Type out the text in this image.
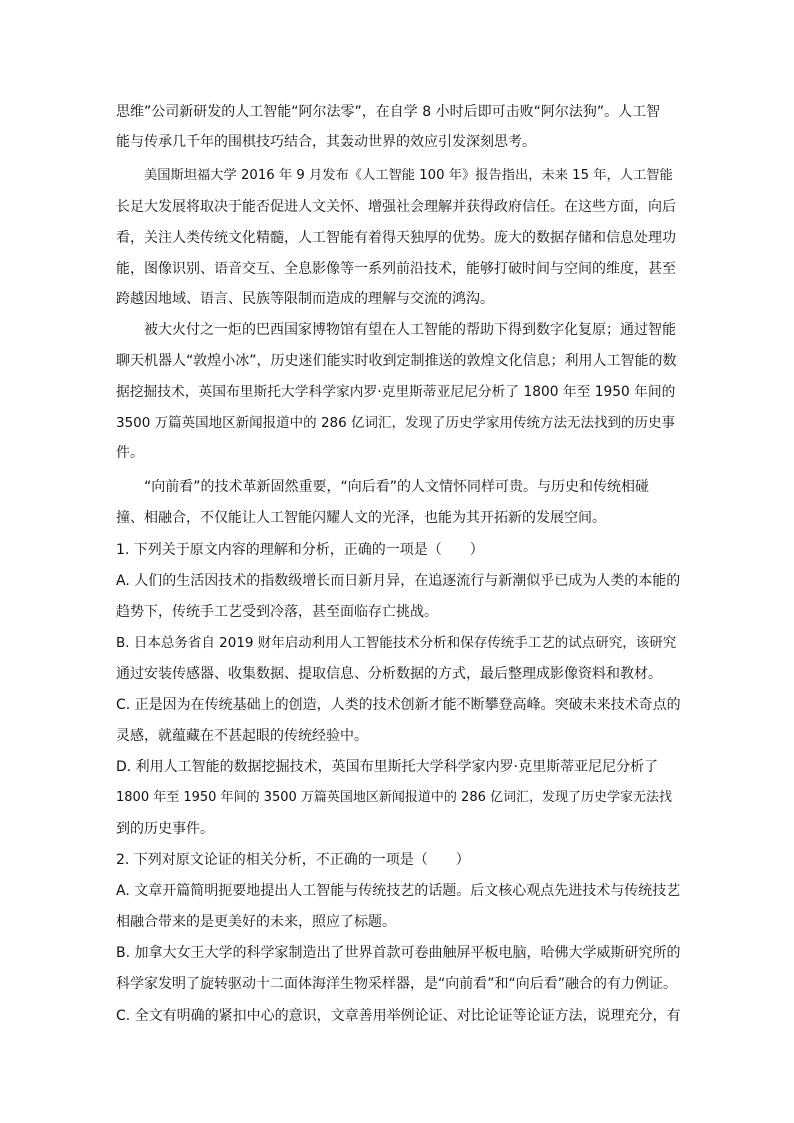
思维”公司新研发的人工智能“阿尔法零”，在自学 8 小时后即可击败“阿尔法狗”。人工智
能与传承几千年的围棋技巧结合，其轰动世界的效应引发深刻思考。
美国斯坦福大学 2016 年 9 月发布《人工智能 100 年》报告指出，未来 15 年，人工智能
长足大发展将取决于能否促进人文关怀、增强社会理解并获得政府信任。在这些方面，向后
看，关注人类传统文化精髓，人工智能有着得天独厚的优势。庞大的数据存储和信息处理功
能，图像识别、语音交互、全息影像等一系列前沿技术，能够打破时间与空间的维度，甚至
跨越因地域、语言、民族等限制而造成的理解与交流的鸿沟。
被大火付之一炬的巴西国家博物馆有望在人工智能的帮助下得到数字化复原；通过智能
聊天机器人“敦煌小冰”，历史迷们能实时收到定制推送的敦煌文化信息；利用人工智能的数
据挖掘技术，英国布里斯托大学科学家内罗·克里斯蒂亚尼尼分析了 1800 年至 1950 年间的
3500 万篇英国地区新闻报道中的 286 亿词汇，发现了历史学家用传统方法无法找到的历史事
件。
“向前看”的技术革新固然重要，“向后看”的人文情怀同样可贵。与历史和传统相碰
撞、相融合，不仅能让人工智能闪耀人文的光泽，也能为其开拓新的发展空间。
1. 下列关于原文内容的理解和分析，正确的一项是（　　）
A. 人们的生活因技术的指数级增长而日新月异，在追逐流行与新潮似乎已成为人类的本能的
趋势下，传统手工艺受到冷落，甚至面临存亡挑战。
B. 日本总务省自 2019 财年启动利用人工智能技术分析和保存传统手工艺的试点研究，该研究
通过安装传感器、收集数据、提取信息、分析数据的方式，最后整理成影像资料和教材。
C. 正是因为在传统基础上的创造，人类的技术创新才能不断攀登高峰。突破未来技术奇点的
灵感，就蕴藏在不甚起眼的传统经验中。
D. 利用人工智能的数据挖掘技术，英国布里斯托大学科学家内罗·克里斯蒂亚尼尼分析了
1800 年至 1950 年间的 3500 万篇英国地区新闻报道中的 286 亿词汇，发现了历史学家无法找
到的历史事件。
2. 下列对原文论证的相关分析，不正确的一项是（　　）
A. 文章开篇简明扼要地提出人工智能与传统技艺的话题。后文核心观点先进技术与传统技艺
相融合带来的是更美好的未来，照应了标题。
B. 加拿大女王大学的科学家制造出了世界首款可卷曲触屏平板电脑，哈佛大学威斯研究所的
科学家发明了旋转驱动十二面体海洋生物采样器，是“向前看”和“向后看”融合的有力例证。
C. 全文有明确的紧扣中心的意识，文章善用举例论证、对比论证等论证方法，说理充分，有
